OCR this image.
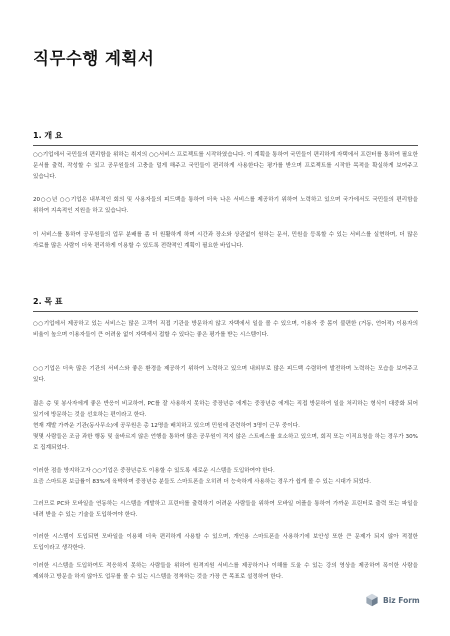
직무수행 계획서
1. 개 요

○○기업에서 국민들의 편리함을 위하는 취지의 ○○서비스 프로젝트를 시작하였습니다. 이 계획을 통하여 국민들이 편리하게 자택에서 프린터를 통하여 필요한 문서를 출력, 작성할 수 있고 공무원들의 고충을 덜게 해주고 국민들이 편리하게 사용한다는 평가를 받으며 프로젝트를 시작한 목적을 확실하게 보여주고 있습니다.

20○○년 ○○기업은 내부적인 회의 및 사용자들의 피드백을 통하여 더욱 나은 서비스를 제공하기 위하여 노력하고 있으며 국가에서도 국민들의 편리함을 위하여 지속적인 지원을 하고 있습니다.

이 서비스를 통하여 공무원들의 업무 분배를 좀 더 원활하게 하며 시간과 장소와 상관없이 원하는 문서, 민원을 등록할 수 있는 서비스를 실현하며, 더 많은 자료를 많은 사람이 더욱 편리하게 이용할 수 있도록 전략적인 계획이 필요한 바입니다.

2. 목 표

○○기업에서 제공하고 있는 서비스는 많은 고객이 직접 기관을 방문하지 않고 자택에서 일을 볼 수 있으며, 이용자 중 몸이 불편한 (거동, 언어적) 이용자의 비율이 높으며 이용자들이 큰 어려움 없이 자택에서 접할 수 있다는 좋은 평가를 받는 시스템이다.

○○기업은 더욱 많은 기관의 서비스와 좋은 환경을 제공하기 위하여 노력하고 있으며 내외부로 많은 피드백 수렴하여 발전하며 노력하는 모습을 보여주고 있다.

젊은 층 및 봉사자에게 좋은 반응이 비교하여, PC를 잘 사용하지 못하는 중장년층 에게는 중장년층 에게는 직접 방문하여 일을 처리하는 형식이 대중화 되어 있기에 방문하는 것을 선호하는 편이라고 한다.

현재 계발 가까운 기관(동사무소)에 공무원은 총 12명을 배치하고 있으며 민원에 관련하여 3명이 근무 중이다.

몇몇 사람들은 조금 과한 행동 및 올바르지 않은 언행을 통하여 많은 공무원이 적지 않은 스트레스를 호소하고 있으며, 회직 또는 이직요청을 하는 경우가 30%로 집계되었다.

이러한 점을 방지하고자 ○○기업은 중장년층도 이용할 수 있도록 새로운 시스템을 도입하여야 한다.

요즘 스마트폰 보급률이 83%에 육박하며 중장년층 분들도 스마트폰을 오히려 더 능숙하게 사용하는 경우가 쉽게 볼 수 있는 시대가 되었다.

그러므로 PC와 모바일을 연동하는 시스템을 개발하고 프린터를 출력하기 어려운 사람들을 위하여 모바일 어플을 통하여 가까운 프린터로 출력 또는 파일을 내려 받을 수 있는 기술을 도입하여야 한다.

이러한 시스템이 도입되면 모바일을 이용해 더욱 편리하게 사용할 수 있으며, 개인용 스마트폰을 사용하기에 보안성 또한 큰 문제가 되지 않아 적절한 도입이라고 생각한다.

이러한 시스템을 도입하여도 적응하지 못하는 사람들을 위하여 원격지원 서비스를 제공하거나 이해를 도울 수 있는 강의 영상을 제공하여 폭이한 사람을 제외하고 방문을 하지 않아도 업무를 볼 수 있는 시스템을 정착하는 것을 가장 큰 목표로 설정하여 한다.

Biz Form
